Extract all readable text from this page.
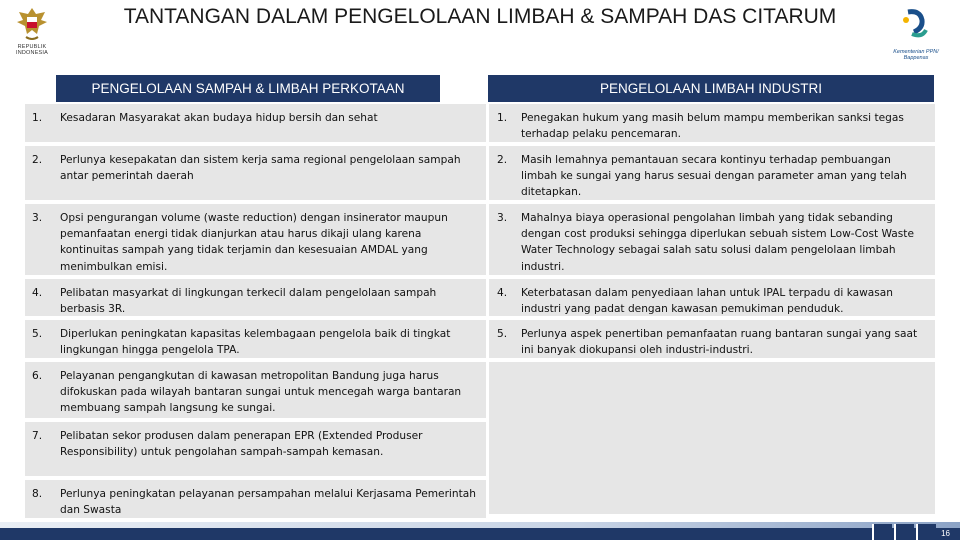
REPUBLIK
INDONESIA
TANTANGAN DALAM PENGELOLAAN LIMBAH & SAMPAH DAS CITARUM
Kementerian PPN/
Bappenas
PENGELOLAAN SAMPAH & LIMBAH PERKOTAAN	PENGELOLAAN LIMBAH INDUSTRI
1. Kesadaran Masyarakat akan budaya hidup bersih dan sehat
2. Perlunya kesepakatan dan sistem kerja sama regional pengelolaan sampah antar pemerintah daerah
3. Opsi pengurangan volume (waste reduction) dengan insinerator maupun pemanfaatan energi tidak dianjurkan atau harus dikaji ulang karena kontinuitas sampah yang tidak terjamin dan kesesuaian AMDAL yang menimbulkan emisi.
4. Pelibatan masyarkat di lingkungan terkecil dalam pengelolaan sampah berbasis 3R.
5. Diperlukan peningkatan kapasitas kelembagaan pengelola baik di tingkat lingkungan hingga pengelola TPA.
6. Pelayanan pengangkutan di kawasan metropolitan Bandung juga harus difokuskan pada wilayah bantaran sungai untuk mencegah warga bantaran membuang sampah langsung ke sungai.
7. Pelibatan sekor produsen dalam penerapan EPR (Extended Produser Responsibility) untuk pengolahan sampah-sampah kemasan.
8. Perlunya peningkatan pelayanan persampahan melalui Kerjasama Pemerintah dan Swasta
1. Penegakan hukum yang masih belum mampu memberikan sanksi tegas terhadap pelaku pencemaran.
2. Masih lemahnya pemantauan secara kontinyu terhadap pembuangan limbah ke sungai yang harus sesuai dengan parameter aman yang telah ditetapkan.
3. Mahalnya biaya operasional pengolahan limbah yang tidak sebanding dengan cost produksi sehingga diperlukan sebuah sistem Low-Cost Waste Water Technology sebagai salah satu solusi dalam pengelolaan limbah industri.
4. Keterbatasan dalam penyediaan lahan untuk IPAL terpadu di kawasan industri yang padat dengan kawasan pemukiman penduduk.
5. Perlunya aspek penertiban pemanfaatan ruang bantaran sungai yang saat ini banyak diokupansi oleh industri-industri.
16
